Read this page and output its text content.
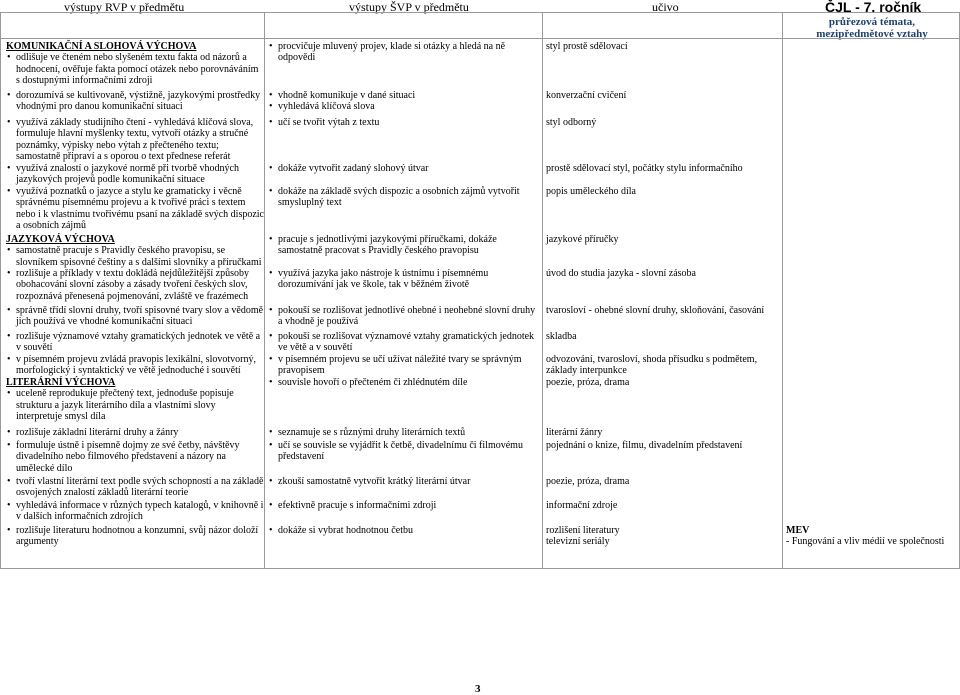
výstupy RVP v předmětu	výstupy ŠVP v předmětu	učivo	ČJL - 7. ročník
průřezová témata,
mezipředmětové vztahy
KOMUNIKAČNÍ A SLOHOVÁ VÝCHOVA
• odlišuje ve čteném nebo slyšeném textu fakta od názorů a hodnocení, ověřuje fakta pomocí otázek nebo porovnáváním s dostupnými informačními zdroji
• procvičuje mluvený projev, klade si otázky a hledá na ně odpovědi
styl prostě sdělovací
• dorozumívá se kultivovaně, výstižně, jazykovými prostředky vhodnými pro danou komunikační situaci
• vhodně komunikuje v dané situaci
• vyhledává klíčová slova
konverzační cvičení
• využívá základy studijního čtení - vyhledává klíčová slova, formuluje hlavní myšlenky textu, vytvoří otázky a stručné poznámky, výpisky nebo výtah z přečteného textu; samostatně připraví a s oporou o text přednese referát
• učí se tvořit výtah z textu	styl odborný
• využívá znalostí o jazykové normě při tvorbě vhodných jazykových projevů podle komunikační situace
• dokáže vytvořit zadaný slohový útvar	prostě sdělovací styl, počátky stylu informačního
• využívá poznatků o jazyce a stylu ke gramaticky i věcně správnému písemnému projevu a k tvořivé práci s textem nebo i k vlastnímu tvořivému psaní na základě svých dispozic a osobních zájmů
• dokáže na základě svých dispozic a osobních zájmů vytvořit smysluplný text
popis uměleckého díla
JAZYKOVÁ VÝCHOVA
• samostatně pracuje s Pravidly českého pravopisu, se slovníkem spisovné češtiny a s dalšími slovníky a příručkami
• pracuje s jednotlivými jazykovými příručkami, dokáže samostatně pracovat s Pravidly českého pravopisu
jazykové příručky
• rozlišuje a příklady v textu dokládá nejdůležitější způsoby obohacování slovní zásoby a zásady tvoření českých slov, rozpoznává přenesená pojmenování, zvláště ve frazémech
• využívá jazyka jako nástroje k ústnímu i písemnému dorozumívání jak ve škole, tak v běžném životě
úvod do studia jazyka - slovní zásoba
• správně třídí slovní druhy, tvoří spisovné tvary slov a vědomě jich používá ve vhodné komunikační situaci
• pokouší se rozlišovat jednotlivé ohebné i neohebné slovní druhy a vhodně je používá
tvarosloví - ohebné slovní druhy, skloňování, časování
• rozlišuje významové vztahy gramatických jednotek ve větě a v souvětí
• pokouší se rozlišovat významové vztahy gramatických jednotek ve větě a v souvětí
skladba
• v písemném projevu zvládá pravopis lexikální, slovotvorný, morfologický i syntaktický ve větě jednoduché i souvětí
• v písemném projevu se učí užívat náležité tvary se správným pravopisem
odvozování, tvarosloví, shoda přísudku s podmětem, základy interpunkce
LITERÁRNÍ VÝCHOVA
• uceleně reprodukuje přečtený text, jednoduše popisuje strukturu a jazyk literárního díla a vlastními slovy interpretuje smysl díla
• souvisle hovoří o přečteném či zhlédnutém díle	poezie, próza, drama
• rozlišuje základní literární druhy a žánry
•	seznamuje se s různými druhy literárních textů	literární žánry
• formuluje ústně i písemně dojmy ze své četby, návštěvy divadelního nebo filmového představení a názory na umělecké dílo
• učí se souvisle se vyjádřit k četbě, divadelnímu či filmovému představení
pojednání o knize, filmu, divadelním představení
• tvoří vlastní literární text podle svých schopností a na základě osvojených znalostí základů literární teorie
• zkouší samostatně vytvořit krátký literární útvar	poezie, próza, drama
• vyhledává informace v různých typech katalogů, v knihovně i v dalších informačních zdrojích
• efektivně pracuje s informačními zdroji	informační zdroje
• rozlišuje literaturu hodnotnou a konzumní, svůj názor doloží argumenty
• dokáže si vybrat hodnotnou četbu	rozlišení literatury
televizní seriály
MEV
- Fungování a vliv médií ve společnosti
3
